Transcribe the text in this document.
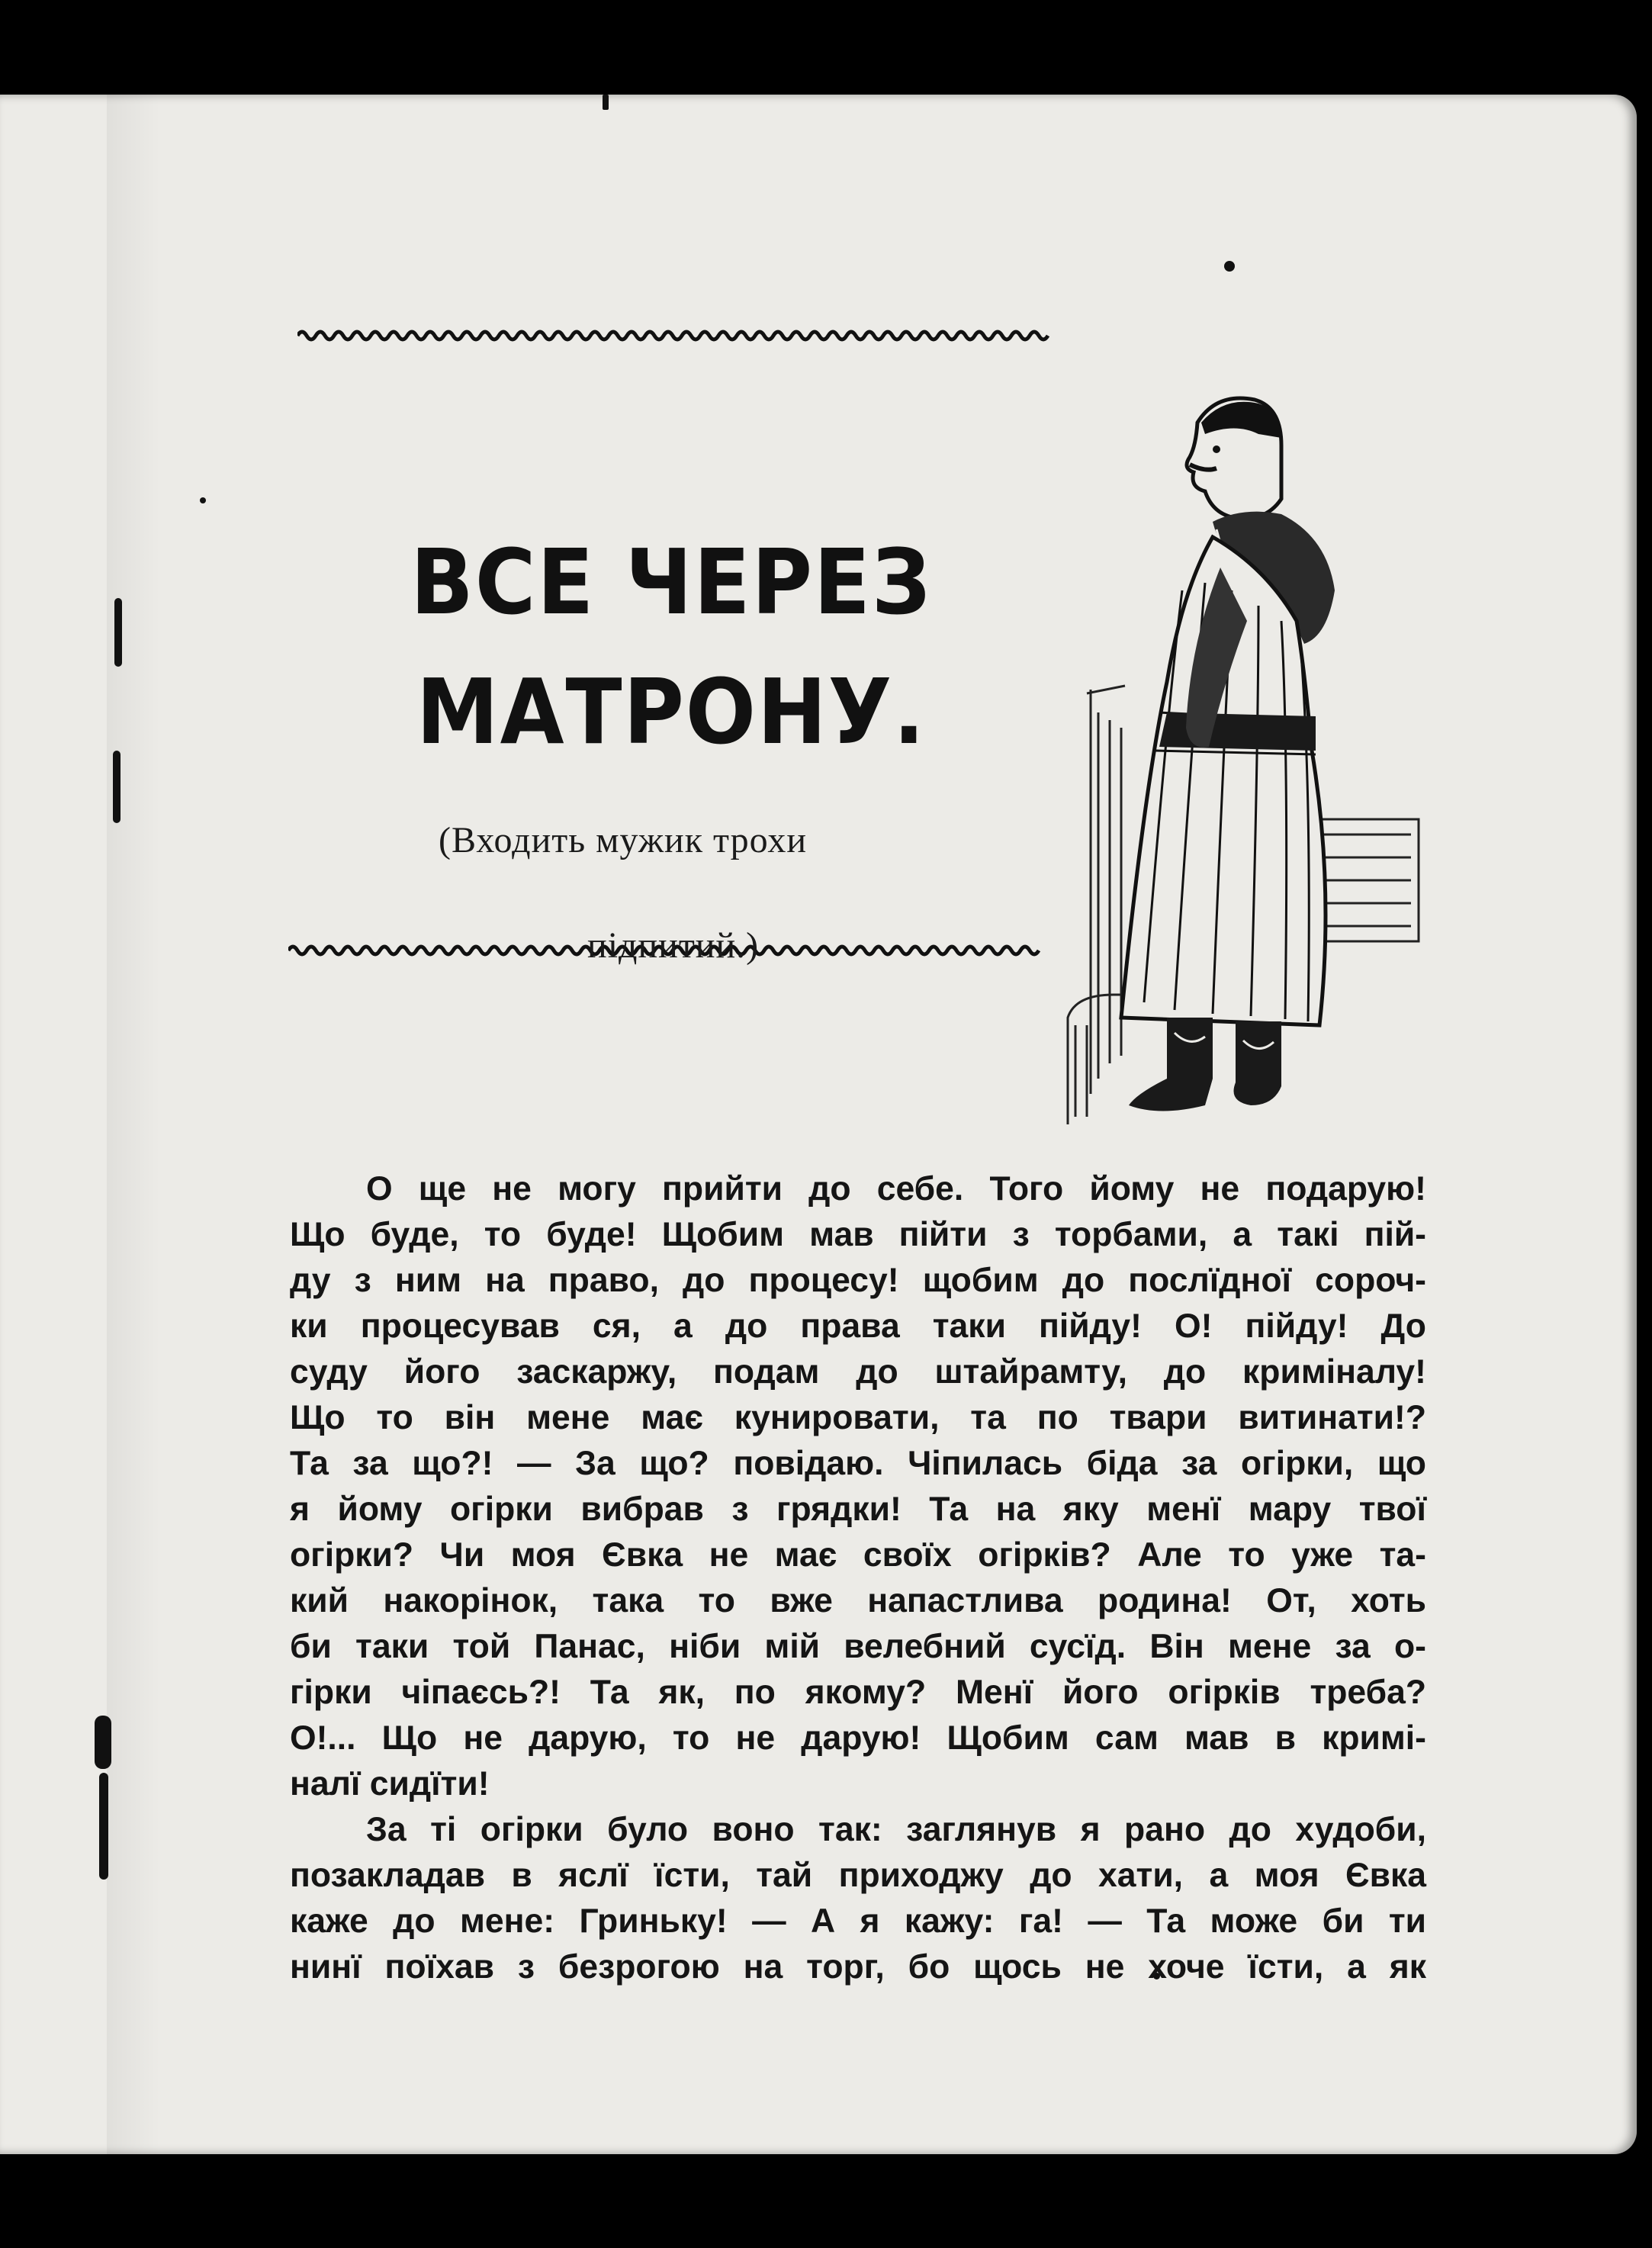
ВСЕ ЧЕРЕЗ
МАТРОНУ.
(Входить мужик трохи
підпитий.)
О ще не могу прийти до себе. Того йому не подарую!
Що буде, то буде! Щобим мав пійти з торбами, а такі пій-
ду з ним на право, до процесу! щобим до послїдної сороч-
ки процесував ся, а до права таки пійду! О! пійду! До
суду його заскаржу, подам до штайрамту, до криміналу!
Що то він мене має кунировати, та по твари витинати!?
Та за що?! — За що? повідаю. Чіпилась біда за огірки, що
я йому огірки вибрав з грядки! Та на яку менї мару твої
огірки? Чи моя Євка не має своїх огірків? Але то уже та-
кий накорінок, така то вже напастлива родина! От, хоть
би таки той Панас, ніби мій велебний сусїд. Він мене за о-
гірки чіпаєсь?! Та як, по якому? Менї його огірків треба?
О!... Що не дарую, то не дарую! Щобим сам мав в кримі-
налї сидїти!
За ті огірки було воно так: заглянув я рано до худоби,
позакладав в яслї їсти, тай приходжу до хати, а моя Євка
каже до мене: Гриньку! — А я кажу: га! — Та може би ти
нинї поїхав з безрогою на торг, бо щось не хоче їсти, а як
